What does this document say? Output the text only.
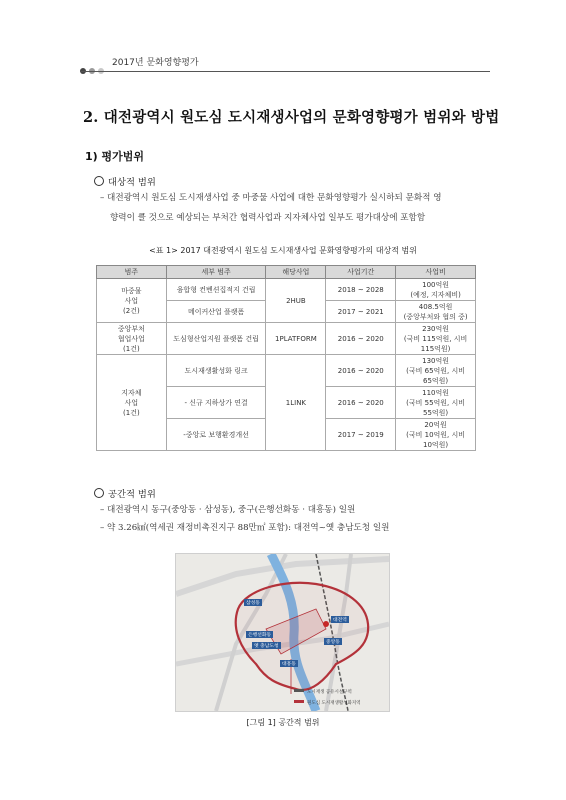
2017년 문화영향평가
2. 대전광역시 원도심 도시재생사업의 문화영향평가 범위와 방법
1) 평가범위
대상적 범위
– 대전광역시 원도심 도시재생사업 중 마중물 사업에 대한 문화영향평가 실시하되 문화적 영
향력이 클 것으로 예상되는 부처간 협력사업과 지자체사업 일부도 평가대상에 포함함
<표 1> 2017 대전광역시 원도심 도시재생사업 문화영향평가의 대상적 범위
범주	세부 범주	해당사업	사업기간	사업비

마중물
사업
(2건)	융합형 컨벤션집적지 건립	2HUB	2018 ~ 2028	100억원
(예정, 지자체비)

	메이커산업 플랫폼		2017 ~ 2021	408.5억원
(중앙부처와 협의 중)

중앙부처
협업사업
(1건)	도심형산업지원 플랫폼 건립	1PLATFORM	2016 ~ 2020	230억원
(국비 115억원, 시비
115억원)

지자체
사업
(1건)	도시재생활성화 링크	1LINK	2016 ~ 2020	130억원
(국비 65억원, 시비
65억원)

	- 신규 지하상가 연결		2016 ~ 2020	110억원
(국비 55억원, 시비
55억원)

	-중앙로 보행환경개선		2017 ~ 2019	20억원
(국비 10억원, 시비
10억원)
공간적 범위
– 대전광역시 동구(중앙동 · 삼성동), 중구(은행선화동 · 대흥동) 일원
– 약 3.26㎢(역세권 재정비촉진지구 88만㎡ 포함): 대전역~옛 충남도청 일원
삼성동
대전역
은행선화동
옛 충남도청
중앙동
대흥동
도시재생 공유시설구역
원도심 도시재생활성화지역
[그림 1] 공간적 범위
